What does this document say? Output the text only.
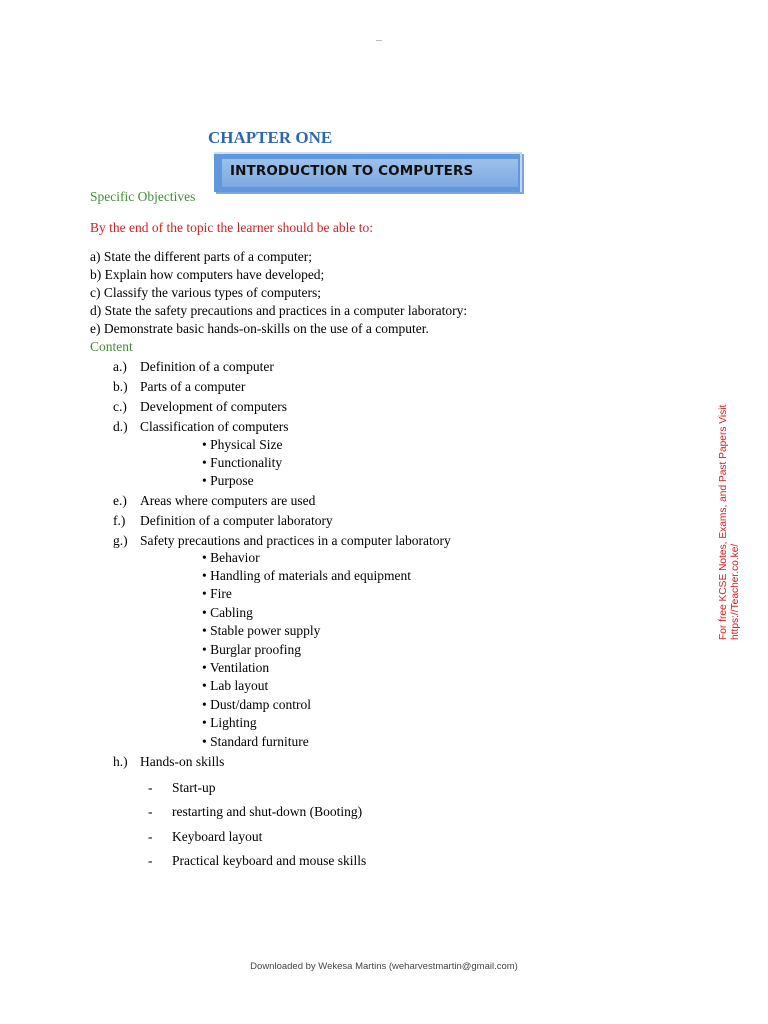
---
CHAPTER ONE
INTRODUCTION TO COMPUTERS
Specific Objectives
By the end of the topic the learner should be able to:
a) State the different parts of a computer;
b) Explain how computers have developed;
c) Classify the various types of computers;
d) State the safety precautions and practices in a computer laboratory:
e) Demonstrate basic hands-on-skills on the use of a computer.
Content
a.) Definition of a computer
b.) Parts of a computer
c.) Development of computers
d.) Classification of computers
• Physical Size
• Functionality
• Purpose
e.) Areas where computers are used
f.) Definition of a computer laboratory
g.) Safety precautions and practices in a computer laboratory
• Behavior
• Handling of materials and equipment
• Fire
• Cabling
• Stable power supply
• Burglar proofing
• Ventilation
• Lab layout
• Dust/damp control
• Lighting
• Standard furniture
h.) Hands-on skills
- Start-up
- restarting and shut-down (Booting)
- Keyboard layout
- Practical keyboard and mouse skills
For free KCSE Notes, Exams, and Past Papers Visit https://Teacher.co.ke/
Downloaded by Wekesa Martins (weharvestmartin@gmail.com)
